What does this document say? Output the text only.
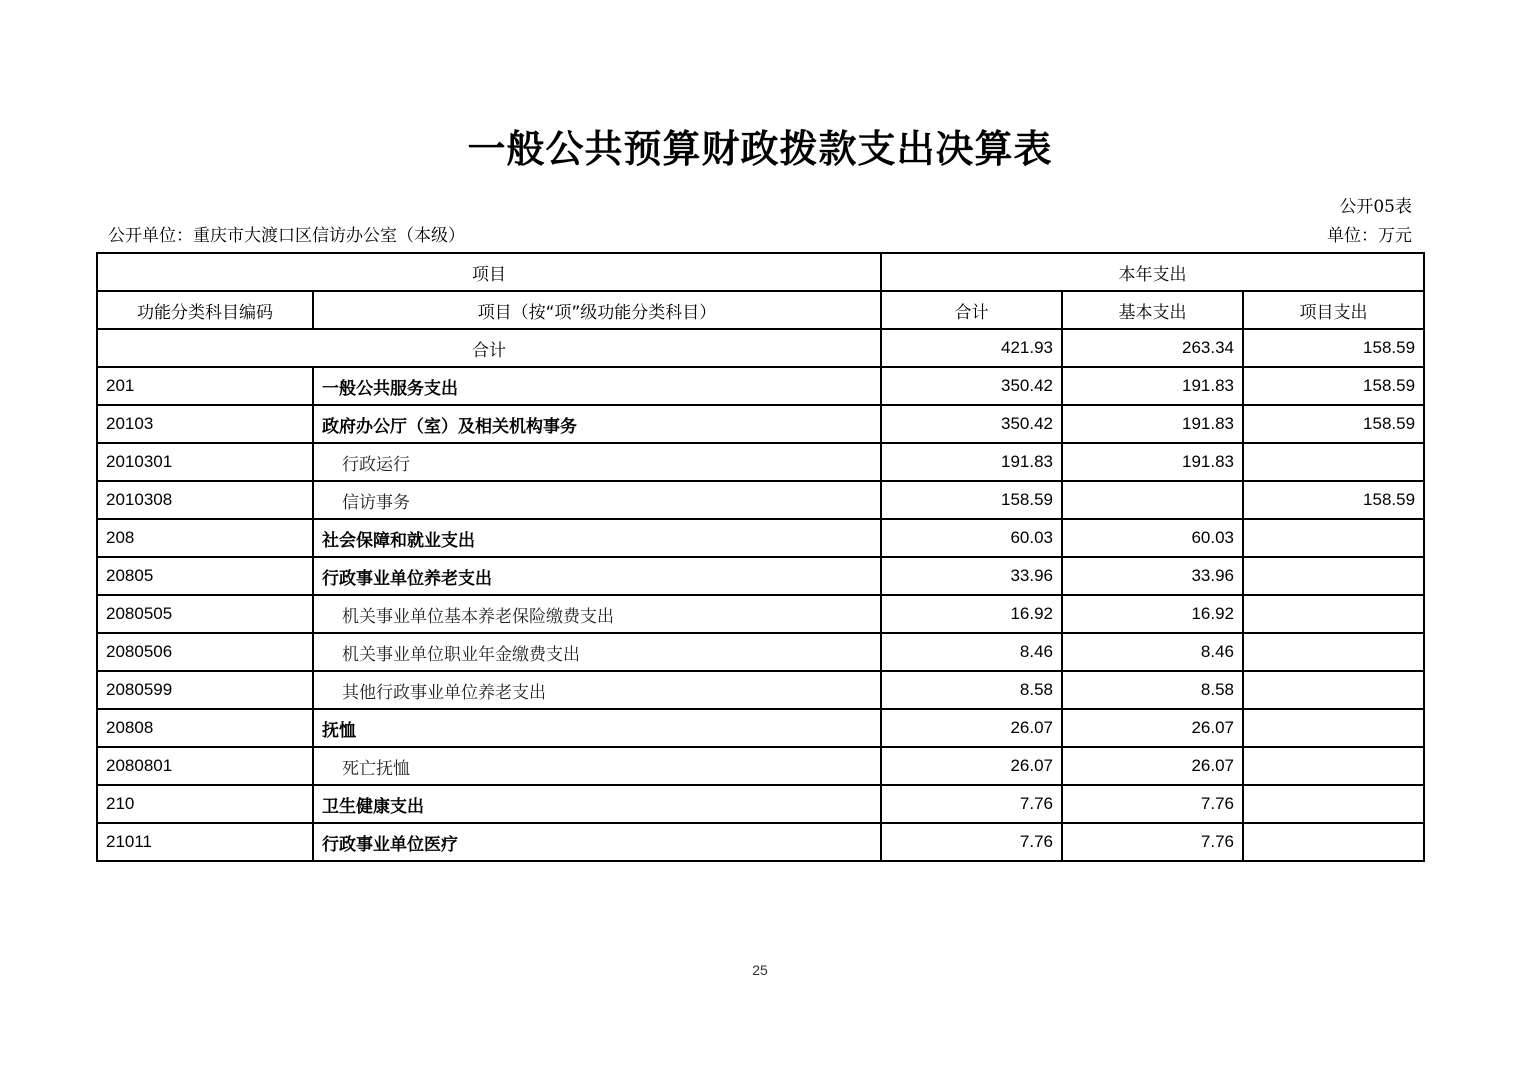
一般公共预算财政拨款支出决算表
公开05表
公开单位：重庆市大渡口区信访办公室（本级）	单位：万元
项目		本年支出		
功能分类科目编码	项目（按“项”级功能分类科目）	合计	基本支出	项目支出
合计		421.93	263.34	158.59
201	一般公共服务支出	350.42	191.83	158.59
20103	政府办公厅（室）及相关机构事务	350.42	191.83	158.59
2010301	行政运行	191.83	191.83	
2010308	信访事务	158.59		158.59
208	社会保障和就业支出	60.03	60.03	
20805	行政事业单位养老支出	33.96	33.96	
2080505	机关事业单位基本养老保险缴费支出	16.92	16.92	
2080506	机关事业单位职业年金缴费支出	8.46	8.46	
2080599	其他行政事业单位养老支出	8.58	8.58	
20808	抚恤	26.07	26.07	
2080801	死亡抚恤	26.07	26.07	
210	卫生健康支出	7.76	7.76	
21011	行政事业单位医疗	7.76	7.76	
25
